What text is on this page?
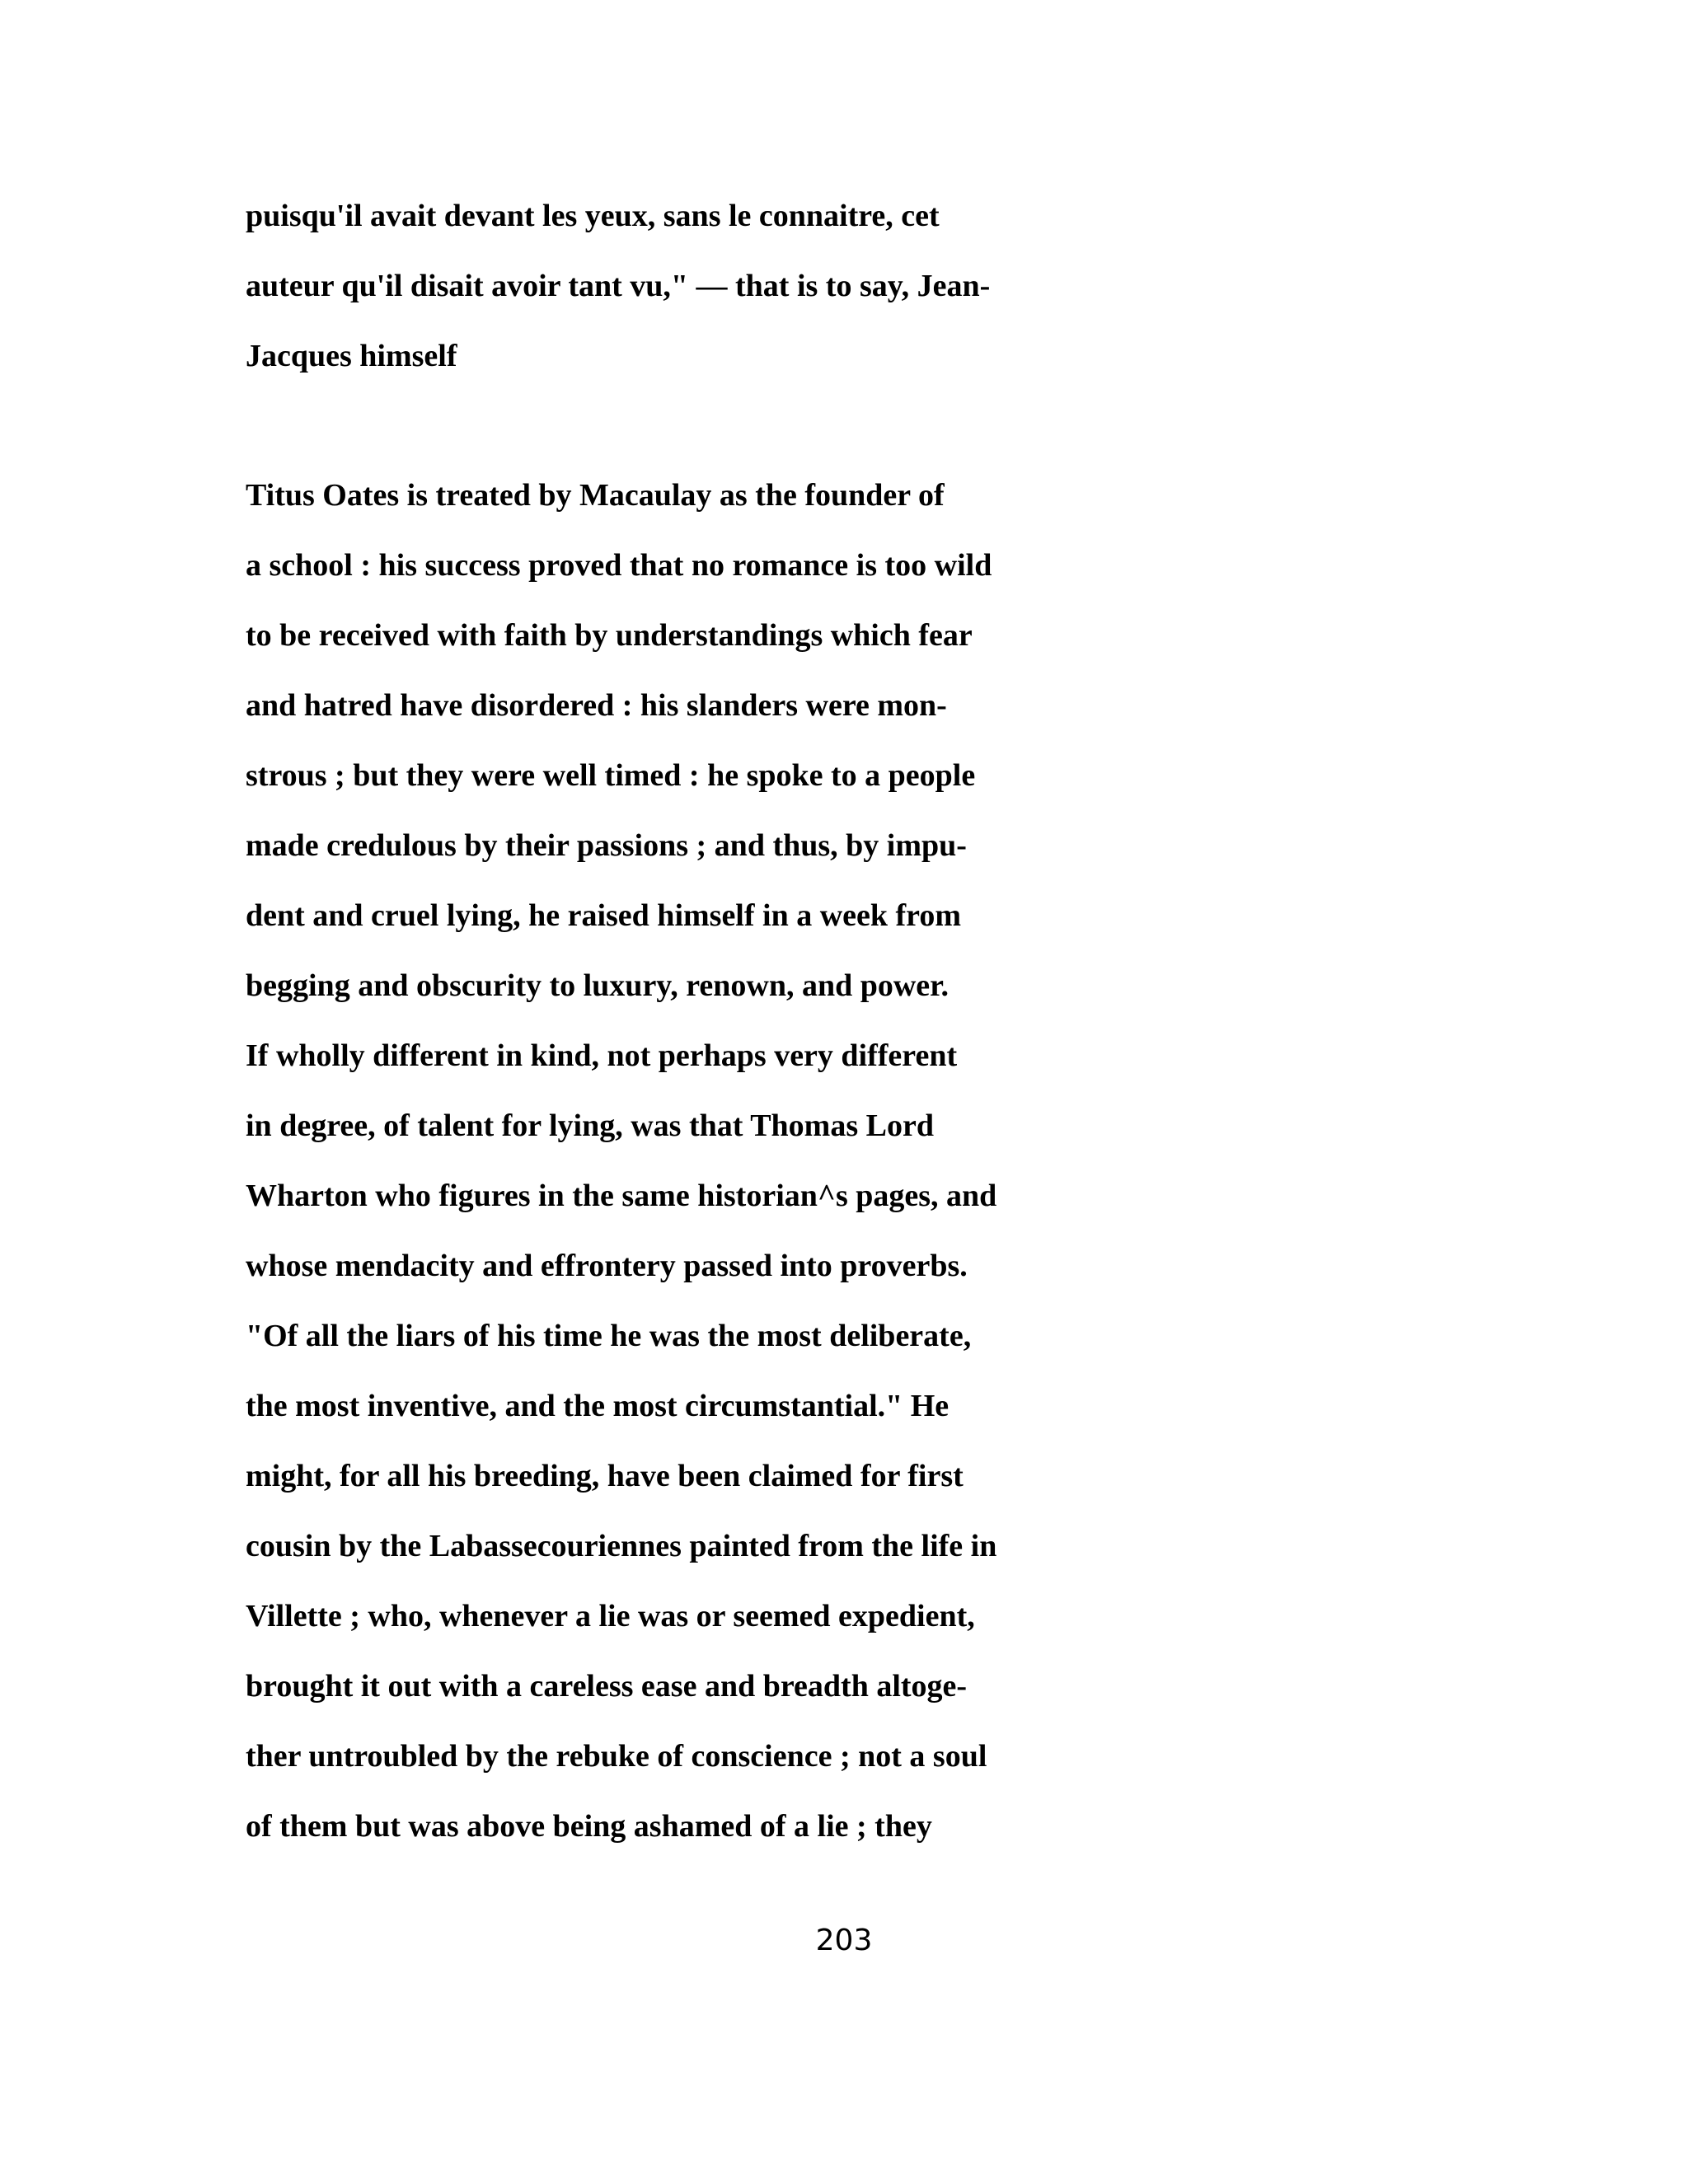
puisqu'il avait devant les yeux, sans le connaitre, cet
auteur qu'il disait avoir tant vu," — that is to say, Jean-
Jacques himself
Titus Oates is treated by Macaulay as the founder of
a school : his success proved that no romance is too wild
to be received with faith by understandings which fear
and hatred have disordered : his slanders were mon-
strous ; but they were well timed : he spoke to a people
made credulous by their passions ; and thus, by impu-
dent and cruel lying, he raised himself in a week from
begging and obscurity to luxury, renown, and power.
If wholly different in kind, not perhaps very different
in degree, of talent for lying, was that Thomas Lord
Wharton who figures in the same historian^s pages, and
whose mendacity and effrontery passed into proverbs.
"Of all the liars of his time he was the most deliberate,
the most inventive, and the most circumstantial." He
might, for all his breeding, have been claimed for first
cousin by the Labassecouriennes painted from the life in
Villette ; who, whenever a lie was or seemed expedient,
brought it out with a careless ease and breadth altoge-
ther untroubled by the rebuke of conscience ; not a soul
of them but was above being ashamed of a lie ; they
203
